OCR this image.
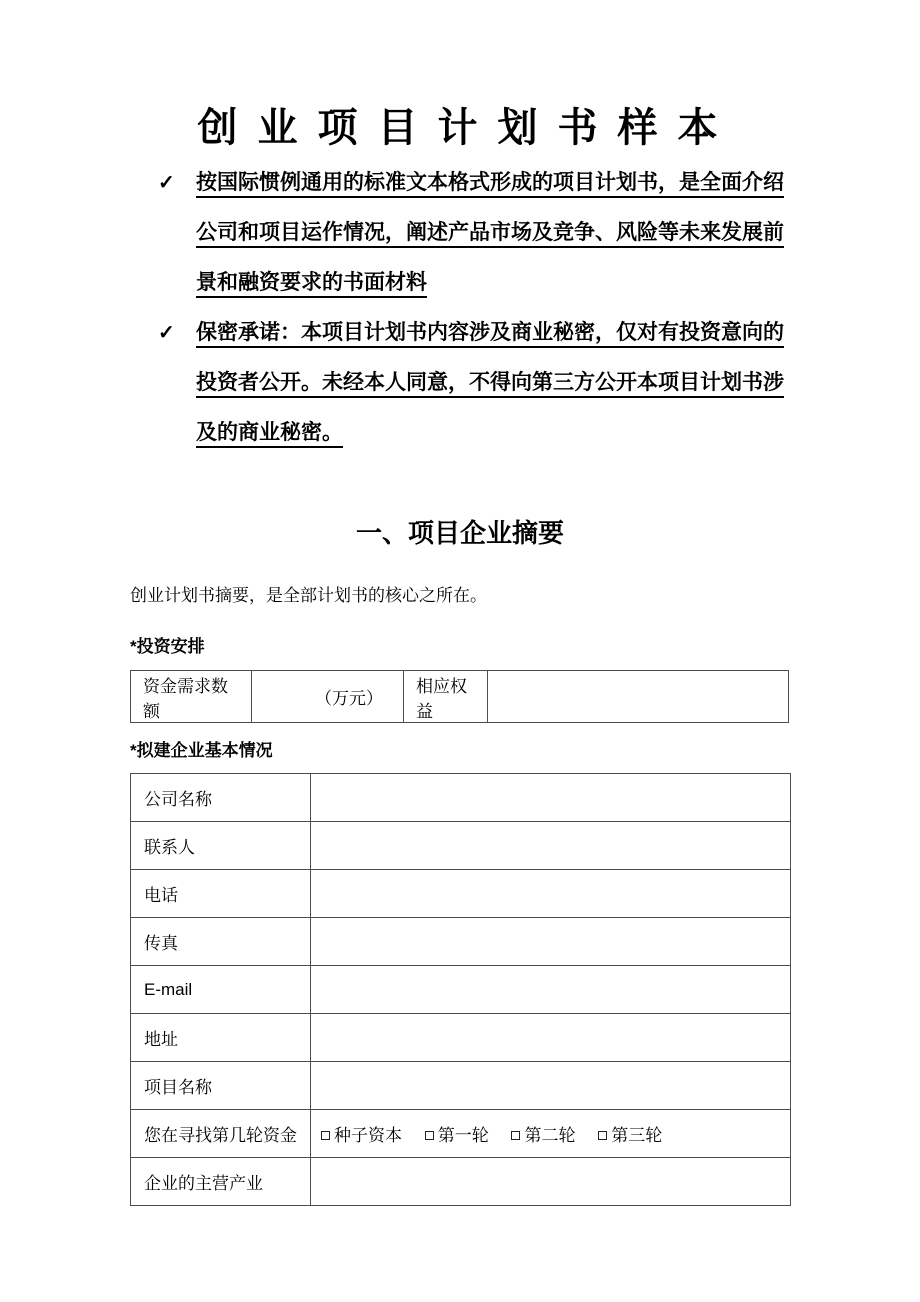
创 业 项 目 计 划 书 样 本
✓	按国际惯例通用的标准文本格式形成的项目计划书，是全面介绍公司和项目运作情况，阐述产品市场及竞争、风险等未来发展前景和融资要求的书面材料
✓	保密承诺：本项目计划书内容涉及商业秘密，仅对有投资意向的投资者公开。未经本人同意，不得向第三方公开本项目计划书涉及的商业秘密。
一、项目企业摘要

创业计划书摘要，是全部计划书的核心之所在。

*投资安排

资金需求数额	（万元）	相应权益	

*拟建企业基本情况

公司名称	
联系人	
电话	
传真	
E-mail	
地址	
项目名称	
您在寻找第几轮资金	种子资本 第一轮 第二轮 第三轮
企业的主营产业	
